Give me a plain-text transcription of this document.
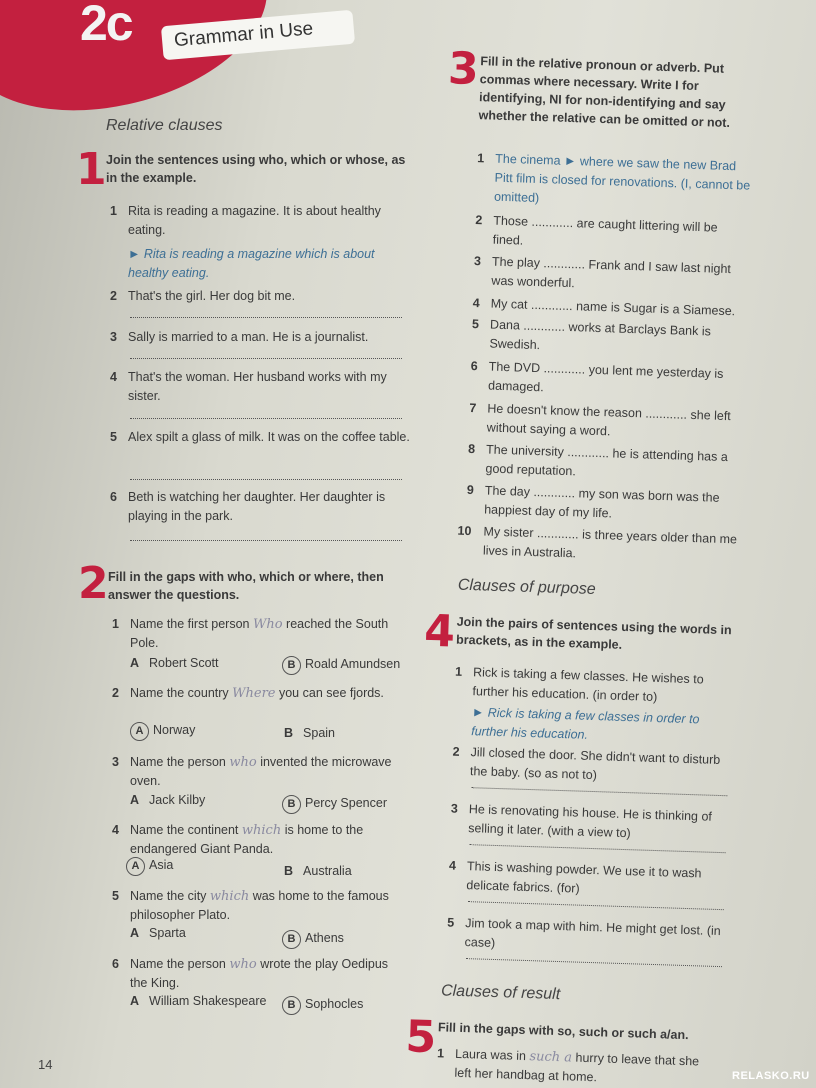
2c Grammar in Use
Relative clauses
1 Join the sentences using who, which or whose, as in the example.
1 Rita is reading a magazine. It is about healthy eating.
► Rita is reading a magazine which is about healthy eating.
2 That's the girl. Her dog bit me.
3 Sally is married to a man. He is a journalist.
4 That's the woman. Her husband works with my sister.
5 Alex spilt a glass of milk. It was on the coffee table.
6 Beth is watching her daughter. Her daughter is playing in the park.
2 Fill in the gaps with who, which or where, then answer the questions.
1 Name the first person Who reached the South Pole.
A Robert Scott	B Roald Amundsen
2 Name the country Where you can see fjords.
A Norway	B Spain
3 Name the person who invented the microwave oven.
A Jack Kilby	B Percy Spencer
4 Name the continent which is home to the endangered Giant Panda.
A Asia	B Australia
5 Name the city which was home to the famous philosopher Plato.
A Sparta	B Athens
6 Name the person who wrote the play Oedipus the King.
A William Shakespeare	B Sophocles
14
3 Fill in the relative pronoun or adverb. Put commas where necessary. Write I for identifying, NI for non-identifying and say whether the relative can be omitted or not.
1 The cinema ► where we saw the new Brad Pitt film is closed for renovations. (I, cannot be omitted)
2 Those ............ are caught littering will be fined.
3 The play ............ Frank and I saw last night was wonderful.
4 My cat ............ name is Sugar is a Siamese.
5 Dana ............ works at Barclays Bank is Swedish.
6 The DVD ............ you lent me yesterday is damaged.
7 He doesn't know the reason ............ she left without saying a word.
8 The university ............ he is attending has a good reputation.
9 The day ............ my son was born was the happiest day of my life.
10 My sister ............ is three years older than me lives in Australia.
Clauses of purpose
4 Join the pairs of sentences using the words in brackets, as in the example.
1 Rick is taking a few classes. He wishes to further his education. (in order to)
► Rick is taking a few classes in order to further his education.
2 Jill closed the door. She didn't want to disturb the baby. (so as not to)
3 He is renovating his house. He is thinking of selling it later. (with a view to)
4 This is washing powder. We use it to wash delicate fabrics. (for)
5 Jim took a map with him. He might get lost. (in case)
Clauses of result
5 Fill in the gaps with so, such or such a/an.
1 Laura was in such a hurry to leave that she left her handbag at home.	RELASKO.RU
